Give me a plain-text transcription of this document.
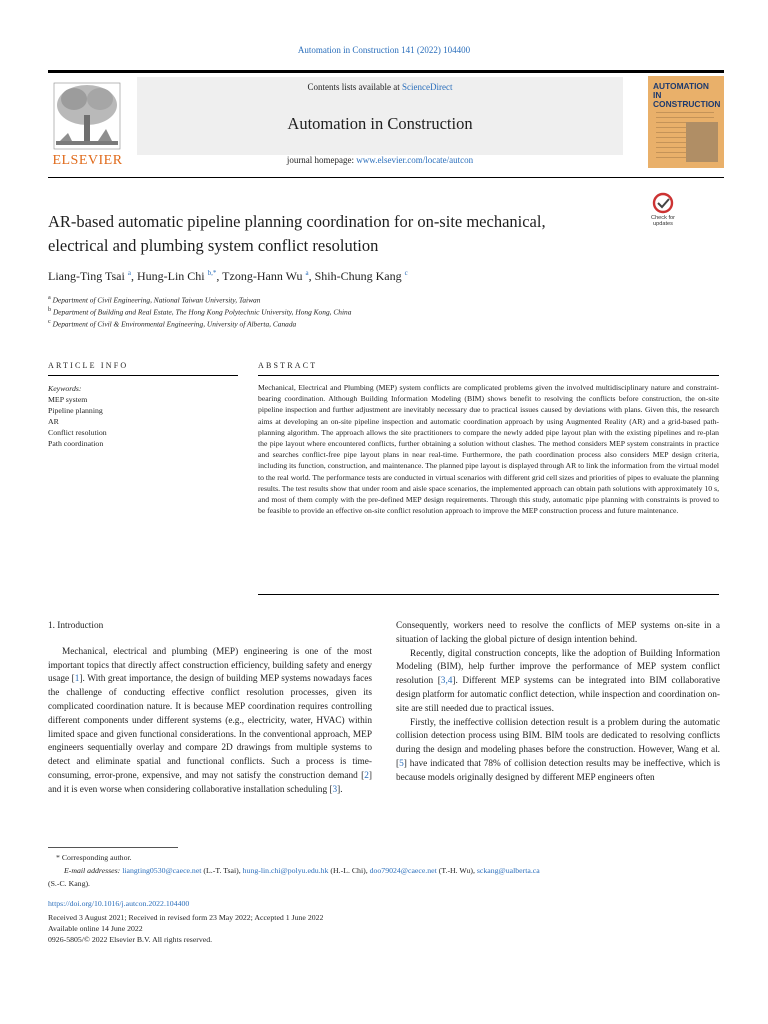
Automation in Construction 141 (2022) 104400
ELSEVIER
Contents lists available at ScienceDirect
Automation in Construction
journal homepage: www.elsevier.com/locate/autcon
AUTOMATION IN CONSTRUCTION
AR-based automatic pipeline planning coordination for on-site mechanical,
electrical and plumbing system conflict resolution
Check for
updates
Liang-Ting Tsai $^a$, Hung-Lin Chi $^{b,*}$, Tzong-Hann Wu $^a$, Shih-Chung Kang $^c$
$^a$ Department of Civil Engineering, National Taiwan University, Taiwan
$^b$ Department of Building and Real Estate, The Hong Kong Polytechnic University, Hong Kong, China
$^c$ Department of Civil & Environmental Engineering, University of Alberta, Canada
ARTICLE INFO	ABSTRACT
Keywords:
MEP system
Pipeline planning
AR
Conflict resolution
Path coordination
Mechanical, Electrical and Plumbing (MEP) system conflicts are complicated problems given the involved multidisciplinary nature and constraint-bearing coordination. Although Building Information Modeling (BIM) shows benefit to resolving the conflicts before construction, the on-site pipeline inspection and further adjustment are inevitably necessary due to practical issues caused by deviations with plans. Given this, the research aims at developing an on-site pipeline inspection and automatic coordination approach by using Augmented Reality (AR) and a grid-based path-planning algorithm. The approach allows the site practitioners to compare the newly added pipe layout plan with the existing pipelines and re-plan the pipe layout where encountered conflicts, further obtaining a solution without clashes. The method considers MEP system constraints in practice and searches conflict-free pipe layout plans in near real-time. Furthermore, the path coordination process also considers MEP design criteria, including its function, construction, and maintenance. The planned pipe layout is displayed through AR to link the information from the virtual model to the real world. The performance tests are conducted in virtual scenarios with different grid cell sizes and priorities of pipes to evaluate the planning results. The test results show that under room and aisle space scenarios, the implemented approach can obtain path solutions with approximately 10 s, and most of them comply with the pre-defined MEP design requirements. Through this study, automatic pipe planning with constraints is proved to be feasible to provide an effective on-site conflict resolution approach to improve the MEP construction process and future maintenance.

1. Introduction

Mechanical, electrical and plumbing (MEP) engineering is one of the most important topics that directly affect construction efficiency, building safety and energy usage [1]. With great importance, the design of building MEP systems nowadays faces the challenge of conducting effective conflict resolution processes, given its complicated coordination nature. It is because MEP coordination requires controlling different components under different systems (e.g., electricity, water, HVAC) within limited space and given functional considerations. In the conventional approach, MEP engineers sequentially overlay and compare 2D drawings from multiple systems to detect and eliminate spatial and functional conflicts. Such a process is time-consuming, error-prone, expensive, and may not satisfy the construction demand [2] and it is even worse when considering collaborative installation scheduling [3].

Consequently, workers need to resolve the conflicts of MEP systems on-site in a situation of lacking the global picture of design intention behind.

Recently, digital construction concepts, like the adoption of Building Information Modeling (BIM), help further improve the performance of MEP system conflict resolution [3,4]. Different MEP systems can be integrated into BIM collaborative design platform for automatic conflict detection, while inspection and coordination on-site are still needed due to practical issues.

Firstly, the ineffective collision detection result is a problem during the automatic collision detection process using BIM. BIM tools are dedicated to resolving conflicts during the design and modeling phases before the construction. However, Wang et al. [5] have indicated that 78% of collision detection results may be ineffective, which is because models originally designed by different MEP engineers often

* Corresponding author.
E-mail addresses: liangting0530@caece.net (L.-T. Tsai), hung-lin.chi@polyu.edu.hk (H.-L. Chi), doo79024@caece.net (T.-H. Wu), sckang@ualberta.ca
(S.-C. Kang).
https://doi.org/10.1016/j.autcon.2022.104400
Received 3 August 2021; Received in revised form 23 May 2022; Accepted 1 June 2022
Available online 14 June 2022
0926-5805/© 2022 Elsevier B.V. All rights reserved.
